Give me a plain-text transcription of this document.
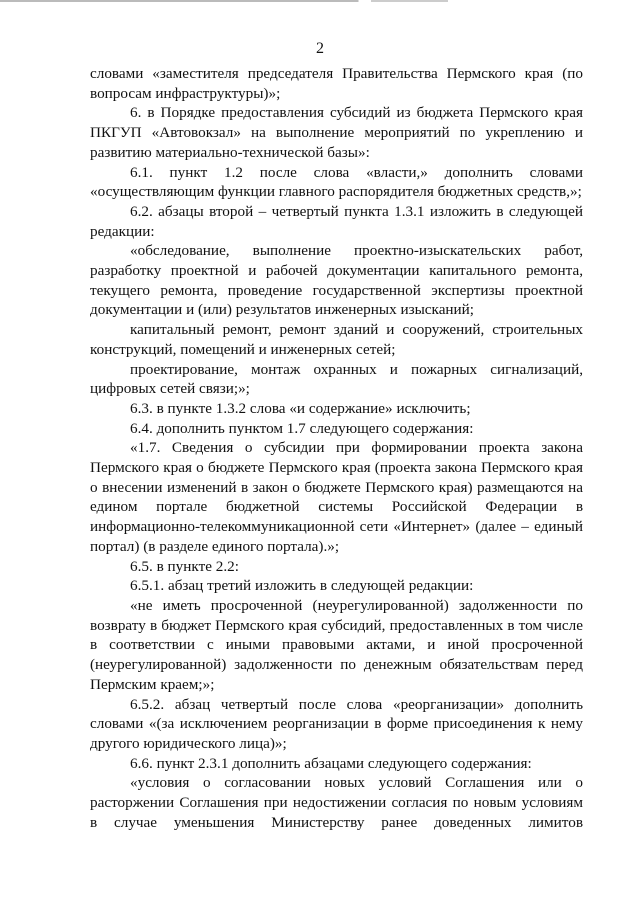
2

словами «заместителя председателя Правительства Пермского края (по вопросам инфраструктуры)»;

6. в Порядке предоставления субсидий из бюджета Пермского края ПКГУП «Автовокзал» на выполнение мероприятий по укреплению и развитию материально-технической базы»:

6.1. пункт 1.2 после слова «власти,» дополнить словами «осуществляющим функции главного распорядителя бюджетных средств,»;

6.2. абзацы второй – четвертый пункта 1.3.1 изложить в следующей редакции:

«обследование, выполнение проектно-изыскательских работ, разработку проектной и рабочей документации капитального ремонта, текущего ремонта, проведение государственной экспертизы проектной документации и (или) результатов инженерных изысканий;

капитальный ремонт, ремонт зданий и сооружений, строительных конструкций, помещений и инженерных сетей;

проектирование, монтаж охранных и пожарных сигнализаций, цифровых сетей связи;»;

6.3. в пункте 1.3.2 слова «и содержание» исключить;

6.4. дополнить пунктом 1.7 следующего содержания:

«1.7. Сведения о субсидии при формировании проекта закона Пермского края о бюджете Пермского края (проекта закона Пермского края о внесении изменений в закон о бюджете Пермского края) размещаются на едином портале бюджетной системы Российской Федерации в информационно-телекоммуникационной сети «Интернет» (далее – единый портал) (в разделе единого портала).»;

6.5. в пункте 2.2:

6.5.1. абзац третий изложить в следующей редакции:

«не иметь просроченной (неурегулированной) задолженности по возврату в бюджет Пермского края субсидий, предоставленных в том числе в соответствии с иными правовыми актами, и иной просроченной (неурегулированной) задолженности по денежным обязательствам перед Пермским краем;»;

6.5.2. абзац четвертый после слова «реорганизации» дополнить словами «(за исключением реорганизации в форме присоединения к нему другого юридического лица)»;

6.6. пункт 2.3.1 дополнить абзацами следующего содержания:

«условия о согласовании новых условий Соглашения или о расторжении Соглашения при недостижении согласия по новым условиям в случае уменьшения Министерству ранее доведенных лимитов
